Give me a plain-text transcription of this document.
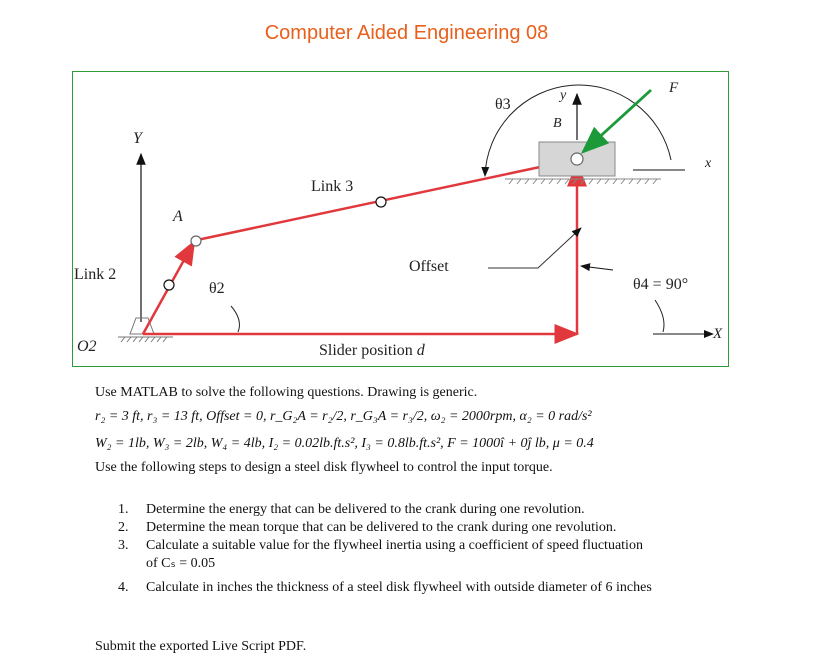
Computer Aided Engineering 08
Y
A
Link 2
θ2
O2
Link 3
Offset
Slider position d
θ3
B
y
x
F
θ4 = 90°
X
Use MATLAB to solve the following questions. Drawing is generic.
r₂ = 3 ft, r₃ = 13 ft, Offset = 0, r_G₂A = r₂/2, r_G₃A = r₃/2, ω₂ = 2000rpm, α₂ = 0 rad/s²
W₂ = 1lb, W₃ = 2lb, W₄ = 4lb, I₂ = 0.02lb.ft.s², I₃ = 0.8lb.ft.s², F = 1000î + 0ĵ lb, μ = 0.4
Use the following steps to design a steel disk flywheel to control the input torque.

1. Determine the energy that can be delivered to the crank during one revolution.

2. Determine the mean torque that can be delivered to the crank during one revolution.

3. Calculate a suitable value for the flywheel inertia using a coefficient of speed fluctuation

of Cₛ = 0.05

4. Calculate in inches the thickness of a steel disk flywheel with outside diameter of 6 inches

Submit the exported Live Script PDF.
